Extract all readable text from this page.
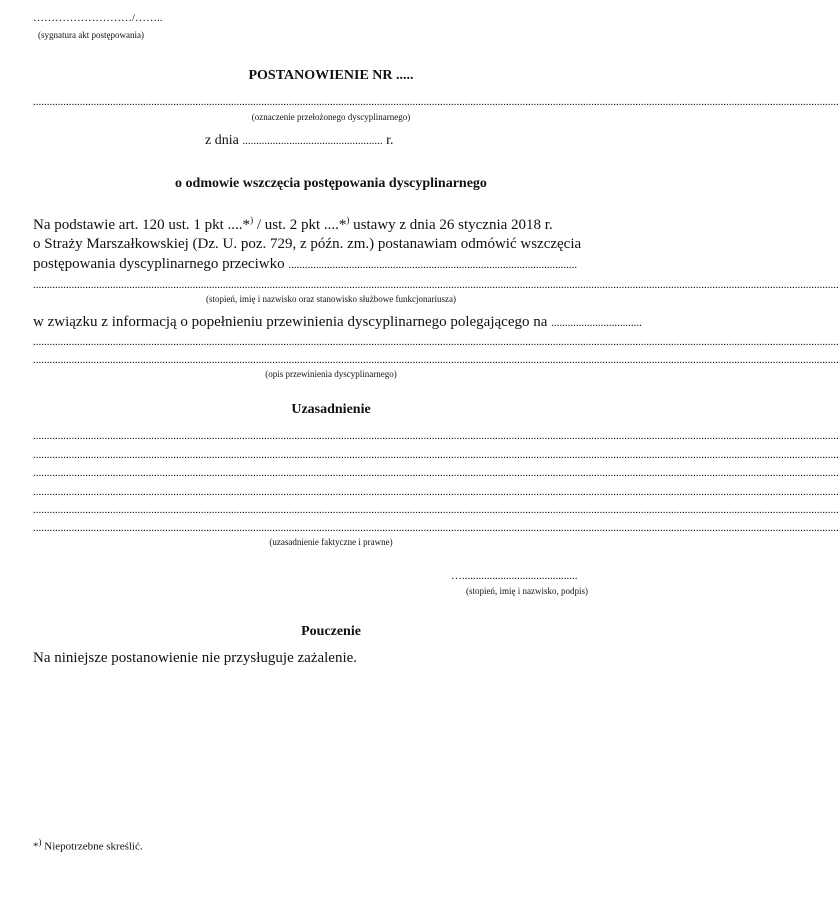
………………………/……..
(sygnatura akt postępowania)
POSTANOWIENIE NR .....
.....................................................................................................................................................................................................................................................................................................
(oznaczenie przełożonego dyscyplinarnego)
z dnia ................................................... r.
o odmowie wszczęcia postępowania dyscyplinarnego
Na podstawie art. 120 ust. 1 pkt ....*) / ust. 2 pkt ....*) ustawy z dnia 26 stycznia 2018 r.
o Straży Marszałkowskiej (Dz. U. poz. 729, z późn. zm.) postanawiam odmówić wszczęcia
postępowania dyscyplinarnego przeciwko .........................................................................................................
.....................................................................................................................................................................................................................................................................................................
(stopień, imię i nazwisko oraz stanowisko służbowe funkcjonariusza)
w związku z informacją o popełnieniu przewinienia dyscyplinarnego polegającego na .................................
.....................................................................................................................................................................................................................................................................................................
.....................................................................................................................................................................................................................................................................................................
(opis przewinienia dyscyplinarnego)
Uzasadnienie
.....................................................................................................................................................................................................................................................................................................
.....................................................................................................................................................................................................................................................................................................
.....................................................................................................................................................................................................................................................................................................
.....................................................................................................................................................................................................................................................................................................
.....................................................................................................................................................................................................................................................................................................
.....................................................................................................................................................................................................................................................................................................
(uzasadnienie faktyczne i prawne)
…..........................................
(stopień, imię i nazwisko, podpis)
Pouczenie
Na niniejsze postanowienie nie przysługuje zażalenie.
*) Niepotrzebne skreślić.
